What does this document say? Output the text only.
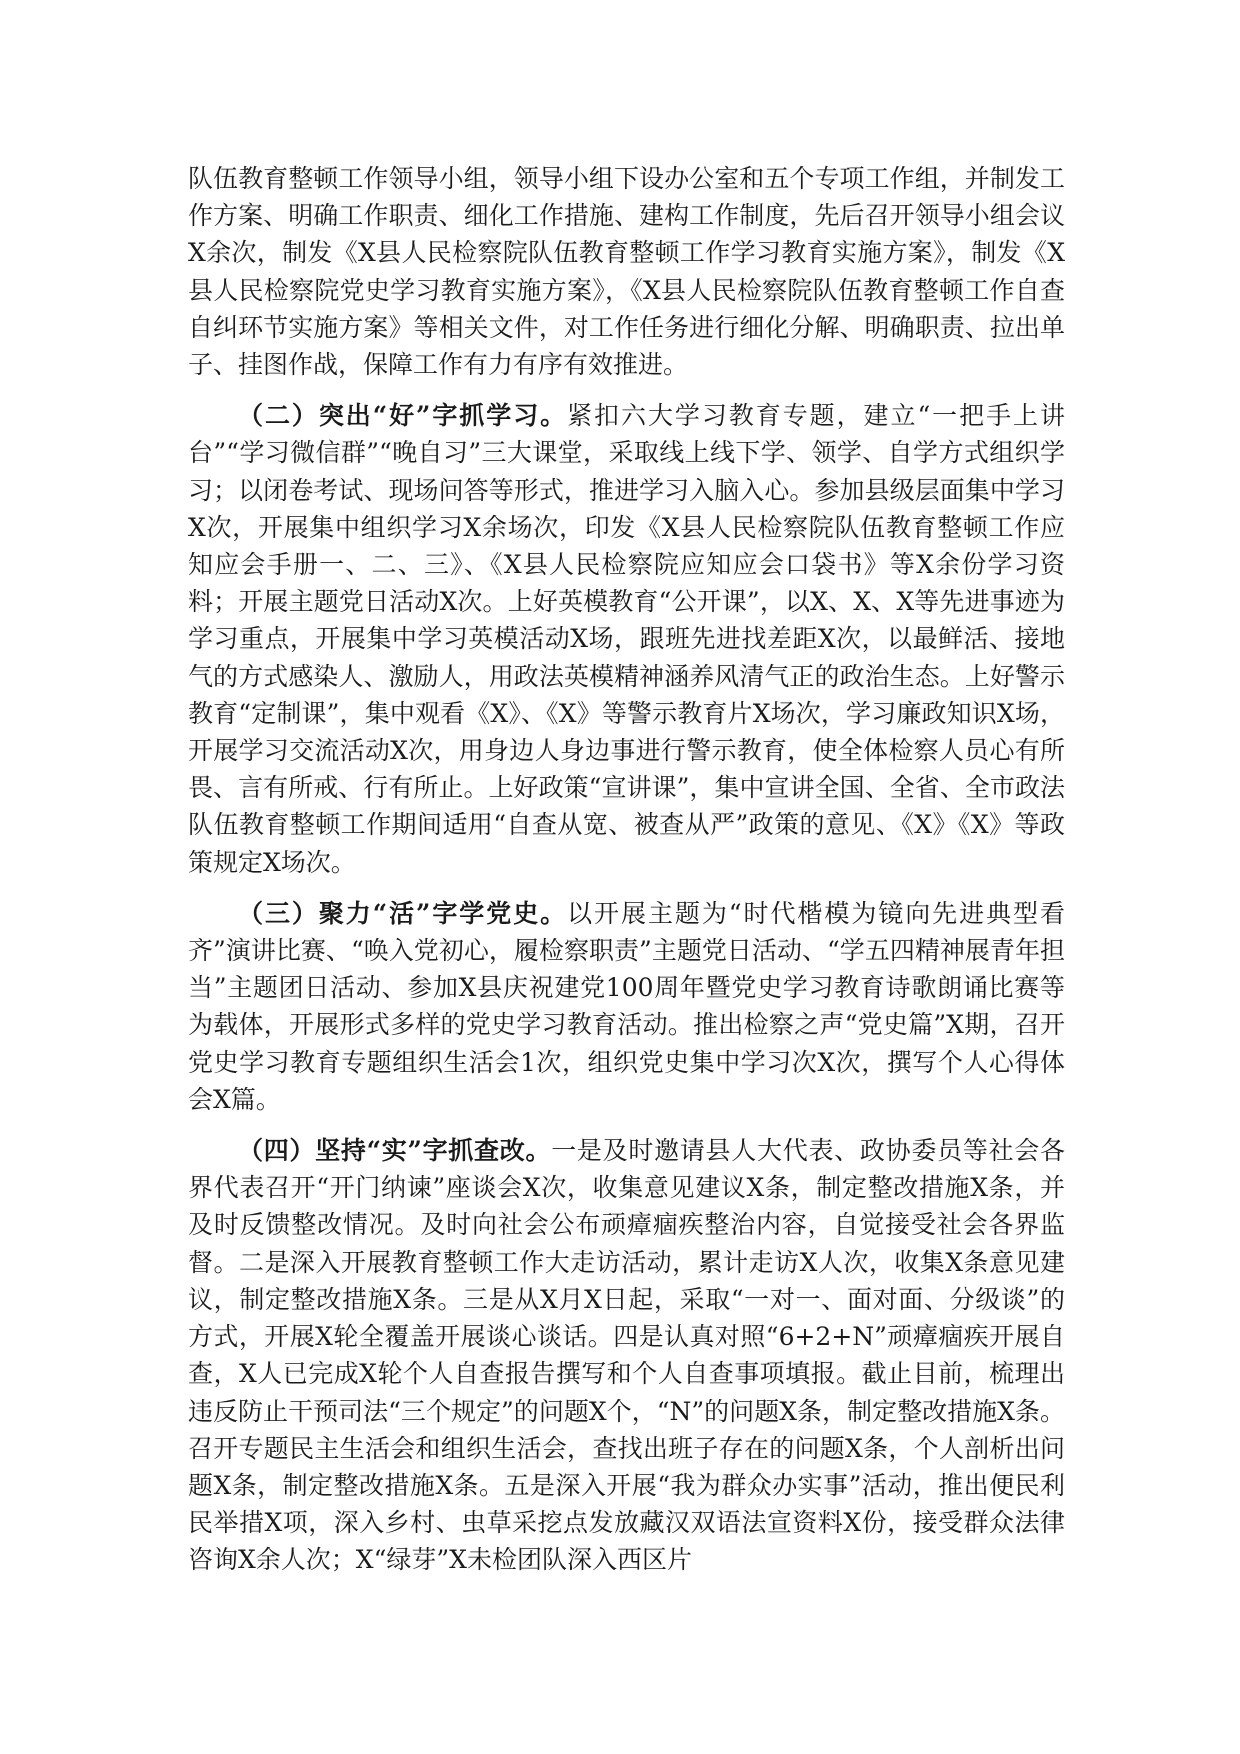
队伍教育整顿工作领导小组，领导小组下设办公室和五个专项工作组，并制发工作方案、明确工作职责、细化工作措施、建构工作制度，先后召开领导小组会议X余次，制发《X县人民检察院队伍教育整顿工作学习教育实施方案》，制发《X县人民检察院党史学习教育实施方案》，《X县人民检察院队伍教育整顿工作自查自纠环节实施方案》等相关文件，对工作任务进行细化分解、明确职责、拉出单子、挂图作战，保障工作有力有序有效推进。

（二）突出“好”字抓学习。紧扣六大学习教育专题，建立“一把手上讲台”“学习微信群”“晚自习”三大课堂，采取线上线下学、领学、自学方式组织学习；以闭卷考试、现场问答等形式，推进学习入脑入心。参加县级层面集中学习X次，开展集中组织学习X余场次，印发《X县人民检察院队伍教育整顿工作应知应会手册一、二、三》、《X县人民检察院应知应会口袋书》等X余份学习资料；开展主题党日活动X次。上好英模教育“公开课”，以X、X、X等先进事迹为学习重点，开展集中学习英模活动X场，跟班先进找差距X次，以最鲜活、接地气的方式感染人、激励人，用政法英模精神涵养风清气正的政治生态。上好警示教育“定制课”，集中观看《X》、《X》等警示教育片X场次，学习廉政知识X场，开展学习交流活动X次，用身边人身边事进行警示教育，使全体检察人员心有所畏、言有所戒、行有所止。上好政策“宣讲课”，集中宣讲全国、全省、全市政法队伍教育整顿工作期间适用“自查从宽、被查从严”政策的意见、《X》《X》等政策规定X场次。

（三）聚力“活”字学党史。以开展主题为“时代楷模为镜向先进典型看齐”演讲比赛、“唤入党初心，履检察职责”主题党日活动、“学五四精神展青年担当”主题团日活动、参加X县庆祝建党100周年暨党史学习教育诗歌朗诵比赛等为载体，开展形式多样的党史学习教育活动。推出检察之声“党史篇”X期，召开党史学习教育专题组织生活会1次，组织党史集中学习次X次，撰写个人心得体会X篇。

（四）坚持“实”字抓查改。一是及时邀请县人大代表、政协委员等社会各界代表召开“开门纳谏”座谈会X次，收集意见建议X条，制定整改措施X条，并及时反馈整改情况。及时向社会公布顽瘴痼疾整治内容，自觉接受社会各界监督。二是深入开展教育整顿工作大走访活动，累计走访X人次，收集X条意见建议，制定整改措施X条。三是从X月X日起，采取“一对一、面对面、分级谈”的方式，开展X轮全覆盖开展谈心谈话。四是认真对照“6+2+N”顽瘴痼疾开展自查，X人已完成X轮个人自查报告撰写和个人自查事项填报。截止目前，梳理出违反防止干预司法“三个规定”的问题X个，“N”的问题X条，制定整改措施X条。召开专题民主生活会和组织生活会，查找出班子存在的问题X条，个人剖析出问题X条，制定整改措施X条。五是深入开展“我为群众办实事”活动，推出便民利民举措X项，深入乡村、虫草采挖点发放藏汉双语法宣资料X份，接受群众法律咨询X余人次；X“绿芽”X未检团队深入西区片
